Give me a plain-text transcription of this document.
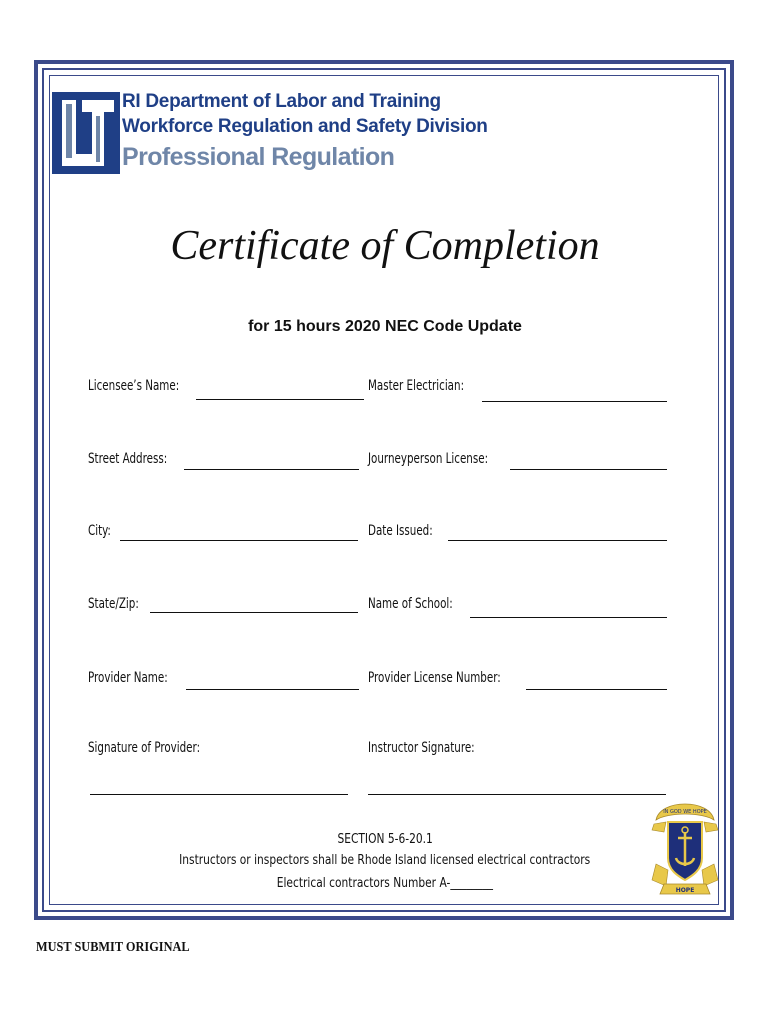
RI Department of Labor and Training
Workforce Regulation and Safety Division
Professional Regulation
Certificate of Completion
for 15 hours 2020 NEC Code Update
Licensee’s Name:	Master Electrician:
Street Address:	Journeyperson License:
City:	Date Issued:
State/Zip:	Name of School:
Provider Name:	Provider License Number:
Signature of Provider:	Instructor Signature:
SECTION 5-6-20.1
Instructors or inspectors shall be Rhode Island licensed electrical contractors
Electrical contractors Number A-________
IN GOD WE HOPE
HOPE
MUST SUBMIT ORIGINAL
